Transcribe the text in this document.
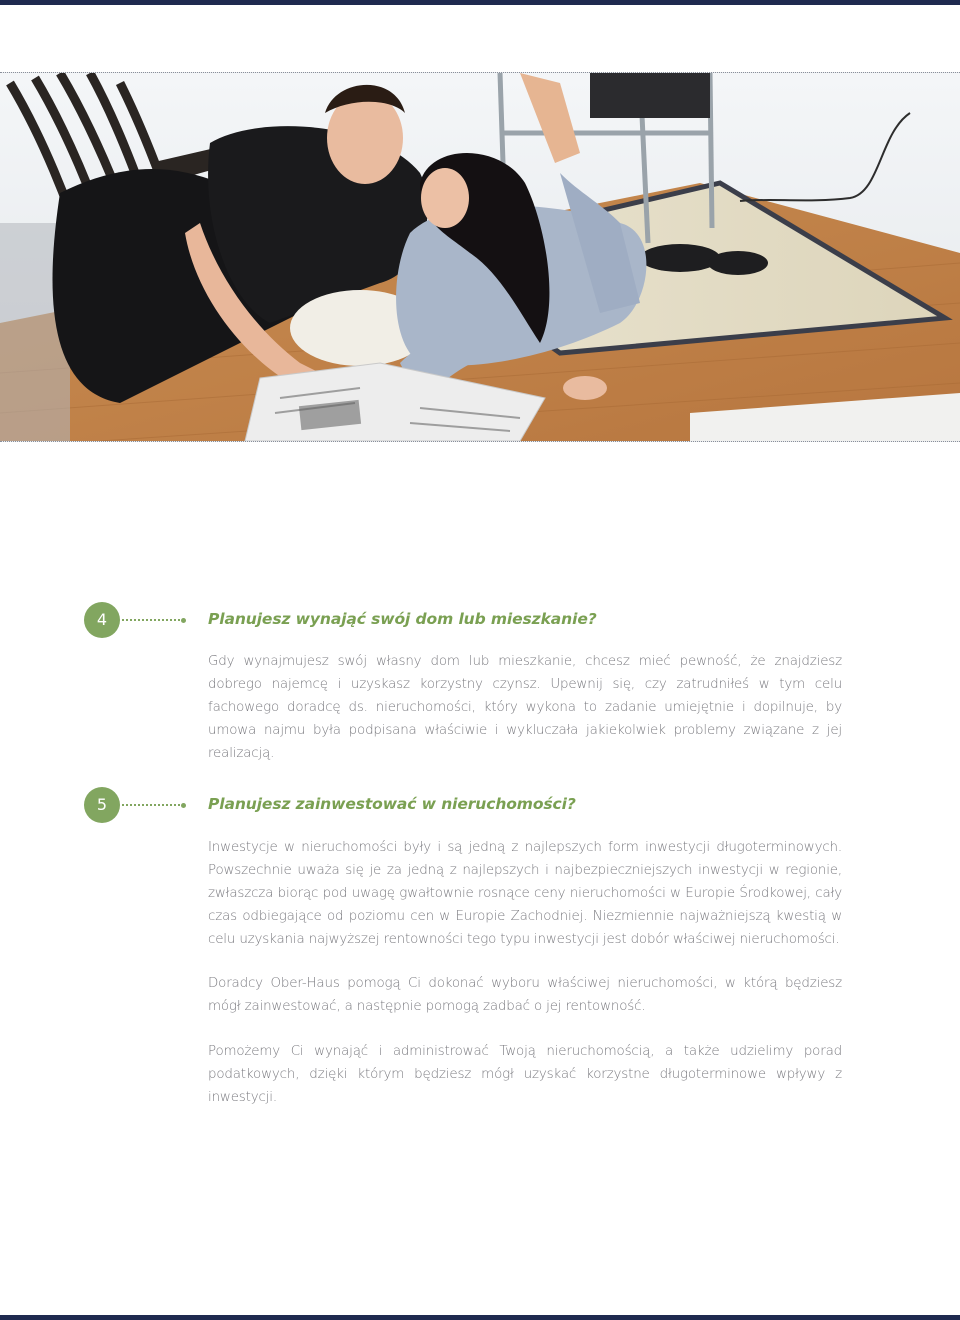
4	Planujesz wynająć swój dom lub mieszkanie?

Gdy wynajmujesz swój własny dom lub mieszkanie, chcesz mieć pewność, że znajdziesz dobrego najemcę i uzyskasz korzystny czynsz. Upewnij się, czy zatrudniłeś w tym celu fachowego doradcę ds. nieruchomości, który wykona to zadanie umiejętnie i dopilnuje, by umowa najmu była podpisana właściwie i wykluczała jakiekolwiek problemy związane z jej realizacją.

5	Planujesz zainwestować w nieruchomości?

Inwestycje w nieruchomości były i są jedną z najlepszych form inwestycji długoterminowych. Powszechnie uważa się je za jedną z najlepszych i najbezpieczniejszych inwestycji w regionie, zwłaszcza biorąc pod uwagę gwałtownie rosnące ceny nieruchomości w Europie Środkowej, cały czas odbiegające od poziomu cen w Europie Zachodniej. Niezmiennie najważniejszą kwestią w celu uzyskania najwyższej rentowności tego typu inwestycji jest dobór właściwej nieruchomości.

Doradcy Ober-Haus pomogą Ci dokonać wyboru właściwej nieruchomości, w którą będziesz mógł zainwestować, a następnie pomogą zadbać o jej rentowność.

Pomożemy Ci wynająć i administrować Twoją nieruchomością, a także udzielimy porad podatkowych, dzięki którym będziesz mógł uzyskać korzystne długoterminowe wpływy z inwestycji.
